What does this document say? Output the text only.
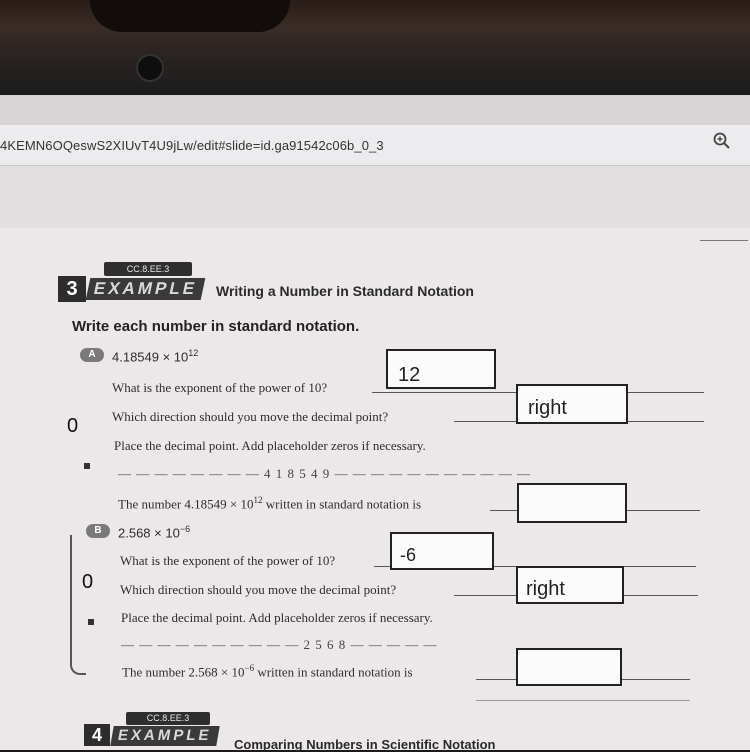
4KEMN6OQeswS2XIUvT4U9jLw/edit#slide=id.ga91542c06b_0_3
CC.8.EE.3
3 EXAMPLE	Writing a Number in Standard Notation
Write each number in standard notation.
A	$4.18549 \times 10^{12}$
What is the exponent of the power of 10?
12
Which direction should you move the decimal point?	right
0
Place the decimal point. Add placeholder zeros if necessary.
— — — — — — — — 4 1 8 5 4 9 — — — — — — — — — — —
The number $4.18549 \times 10^{12}$ written in standard notation is
B	$2.568 \times 10^{-6}$
What is the exponent of the power of 10?	-6
Which direction should you move the decimal point?	right
0
Place the decimal point. Add placeholder zeros if necessary.
— — — — — — — — — — 2 5 6 8 — — — — —
The number $2.568 \times 10^{-6}$ written in standard notation is
CC.8.EE.3
4 EXAMPLE
Comparing Numbers in Scientific Notation
